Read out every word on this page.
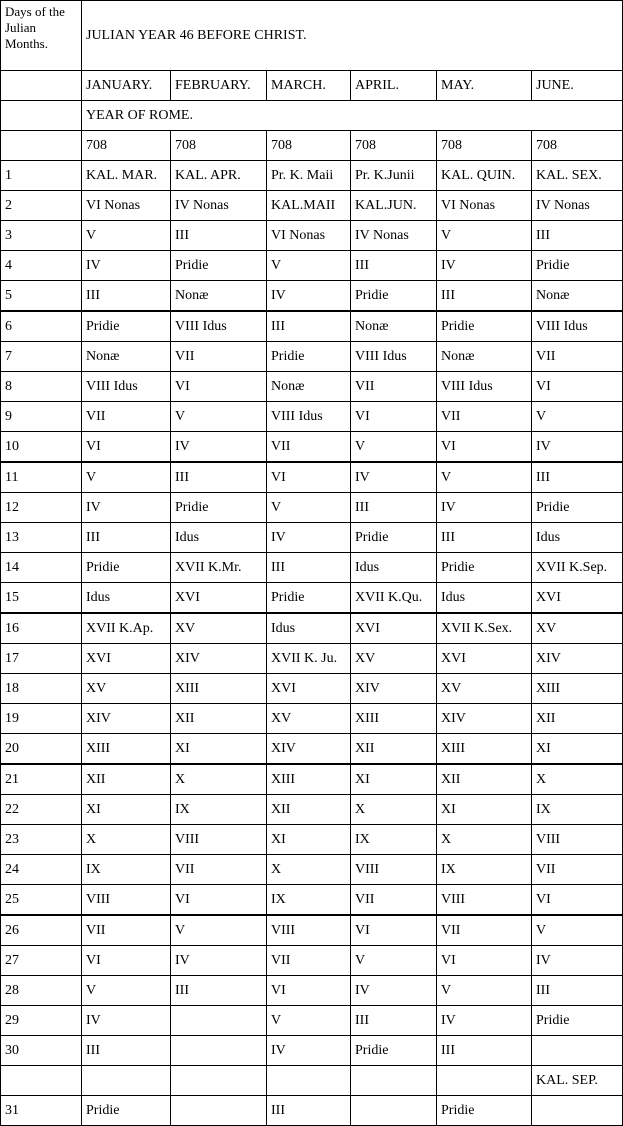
Days of the Julian Months.	JULIAN YEAR 46 BEFORE CHRIST.					
	JANUARY.	FEBRUARY.	MARCH.	APRIL.	MAY.	JUNE.
	YEAR OF ROME.					
	708	708	708	708	708	708
1	KAL. MAR.	KAL. APR.	Pr. K. Maii	Pr. K.Junii	KAL. QUIN.	KAL. SEX.
2	VI Nonas	IV Nonas	KAL.MAII	KAL.JUN.	VI Nonas	IV Nonas
3	V	III	VI Nonas	IV Nonas	V	III
4	IV	Pridie	V	III	IV	Pridie
5	III	Nonæ	IV	Pridie	III	Nonæ
6	Pridie	VIII Idus	III	Nonæ	Pridie	VIII Idus
7	Nonæ	VII	Pridie	VIII Idus	Nonæ	VII
8	VIII Idus	VI	Nonæ	VII	VIII Idus	VI
9	VII	V	VIII Idus	VI	VII	V
10	VI	IV	VII	V	VI	IV
11	V	III	VI	IV	V	III
12	IV	Pridie	V	III	IV	Pridie
13	III	Idus	IV	Pridie	III	Idus
14	Pridie	XVII K.Mr.	III	Idus	Pridie	XVII K.Sep.
15	Idus	XVI	Pridie	XVII K.Qu.	Idus	XVI
16	XVII K.Ap.	XV	Idus	XVI	XVII K.Sex.	XV
17	XVI	XIV	XVII K. Ju.	XV	XVI	XIV
18	XV	XIII	XVI	XIV	XV	XIII
19	XIV	XII	XV	XIII	XIV	XII
20	XIII	XI	XIV	XII	XIII	XI
21	XII	X	XIII	XI	XII	X
22	XI	IX	XII	X	XI	IX
23	X	VIII	XI	IX	X	VIII
24	IX	VII	X	VIII	IX	VII
25	VIII	VI	IX	VII	VIII	VI
26	VII	V	VIII	VI	VII	V
27	VI	IV	VII	V	VI	IV
28	V	III	VI	IV	V	III
29	IV		V	III	IV	Pridie
30	III		IV	Pridie	III	
						KAL. SEP.
31	Pridie		III		Pridie	
